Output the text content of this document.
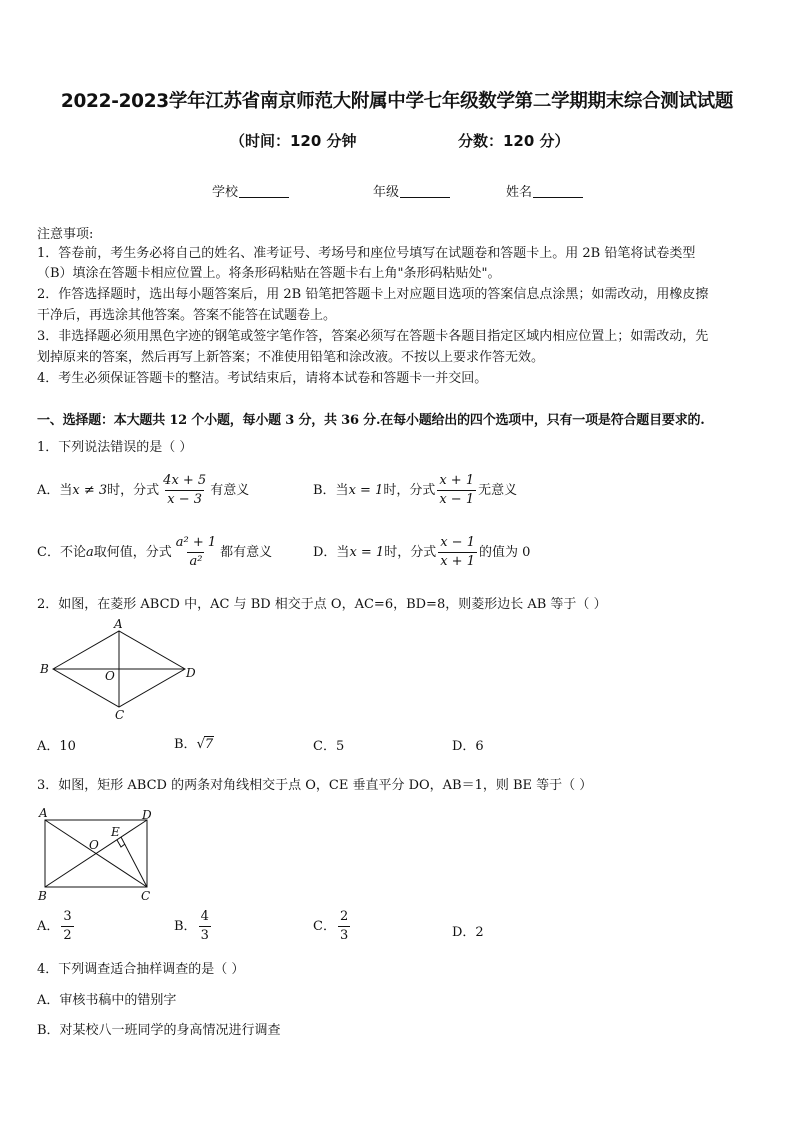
2022-2023学年江苏省南京师范大附属中学七年级数学第二学期期末综合测试试题
（时间：120 分钟	分数：120 分）
学校	年级	姓名
注意事项:
1．答卷前，考生务必将自己的姓名、准考证号、考场号和座位号填写在试题卷和答题卡上。用 2B 铅笔将试卷类型
（B）填涂在答题卡相应位置上。将条形码粘贴在答题卡右上角"条形码粘贴处"。
2．作答选择题时，选出每小题答案后，用 2B 铅笔把答题卡上对应题目选项的答案信息点涂黑；如需改动，用橡皮擦
干净后，再选涂其他答案。答案不能答在试题卷上。
3．非选择题必须用黑色字迹的钢笔或签字笔作答，答案必须写在答题卡各题目指定区域内相应位置上；如需改动，先
划掉原来的答案，然后再写上新答案；不准使用铅笔和涂改液。不按以上要求作答无效。
4．考生必须保证答题卡的整洁。考试结束后，请将本试卷和答题卡一并交回。
一、选择题：本大题共 12 个小题，每小题 3 分，共 36 分.在每小题给出的四个选项中，只有一项是符合题目要求的.
1．下列说法错误的是（ ）
A．当x ≠ 3时，分式 $\frac{4x + 5}{x - 3}$ 有意义	B．当x = 1时，分式 $\frac{x + 1}{x - 1}$ 无意义
C．不论a取何值，分式 $\frac{\text{a² + 1}}{\text{a²}}$ 都有意义	D．当x = 1时，分式 $\frac{x - 1}{x + 1}$ 的值为 0
2．如图，在菱形 ABCD 中，AC 与 BD 相交于点 O，AC=6，BD=8，则菱形边长 AB 等于（ ）
A
B	D
C
O
A．10	B．√7	C．5	D．6
3．如图，矩形 ABCD 的两条对角线相交于点 O，CE 垂直平分 DO，AB＝1，则 BE 等于（ ）
A	D
B	C
O
E
A． $\frac{3}{2}$	B． $\frac{4}{3}$	C． $\frac{2}{3}$	D．2
4．下列调查适合抽样调查的是（ ）
A．审核书稿中的错别字
B．对某校八一班同学的身高情况进行调查
